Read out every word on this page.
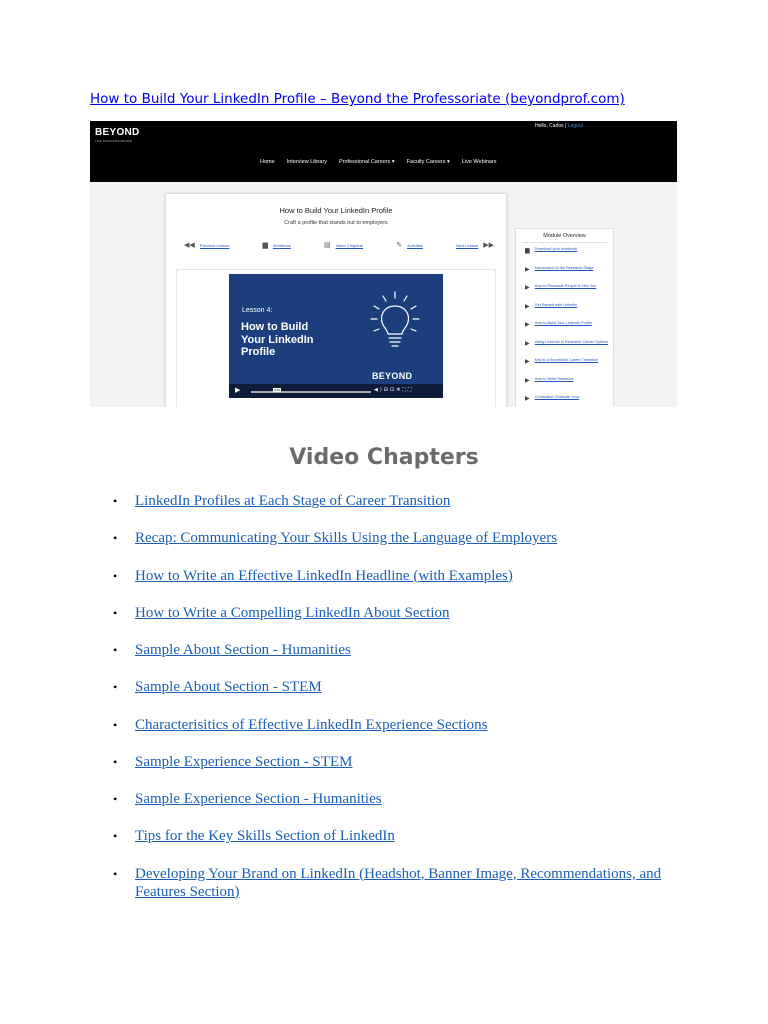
How to Build Your LinkedIn Profile – Beyond the Professoriate (beyondprof.com)
BEYOND
THE PROFESSORIATE
Hello, Carlos | Logout
Home Interview Library Professional Careers ▾ Faculty Careers ▾ Live Webinars
How to Build Your LinkedIn Profile
Craft a profile that stands out to employers
◀◀ Previous Lesson	▆ Workbook	▤ Video Chapters	✎ Activities	Next Lesson ▶▶
Lesson 4:
How to Build
Your LinkedIn
Profile
BEYOND
▶	0:00	◀)⊟⊡✲⛶⛶
Module Overview
▆ Download your workbook
▶ Introduction to the Research Stage
▶ How to Persuade People to Hire You
▶ Get Started with LinkedIn
▶ How to Build Your LinkedIn Profile
▶ Using LinkedIn to Research Career Options
▶ Key to a Successful Career Transition
▶ How to Write Resumes
▶ Conclusion: Evaluate Your
Video Chapters
• LinkedIn Profiles at Each Stage of Career Transition
• Recap: Communicating Your Skills Using the Language of Employers
• How to Write an Effective LinkedIn Headline (with Examples)
• How to Write a Compelling LinkedIn About Section
• Sample About Section - Humanities
• Sample About Section - STEM
• Characterisitics of Effective LinkedIn Experience Sections
• Sample Experience Section - STEM
• Sample Experience Section - Humanities
• Tips for the Key Skills Section of LinkedIn
• Developing Your Brand on LinkedIn (Headshot, Banner Image, Recommendations, and Features Section)
